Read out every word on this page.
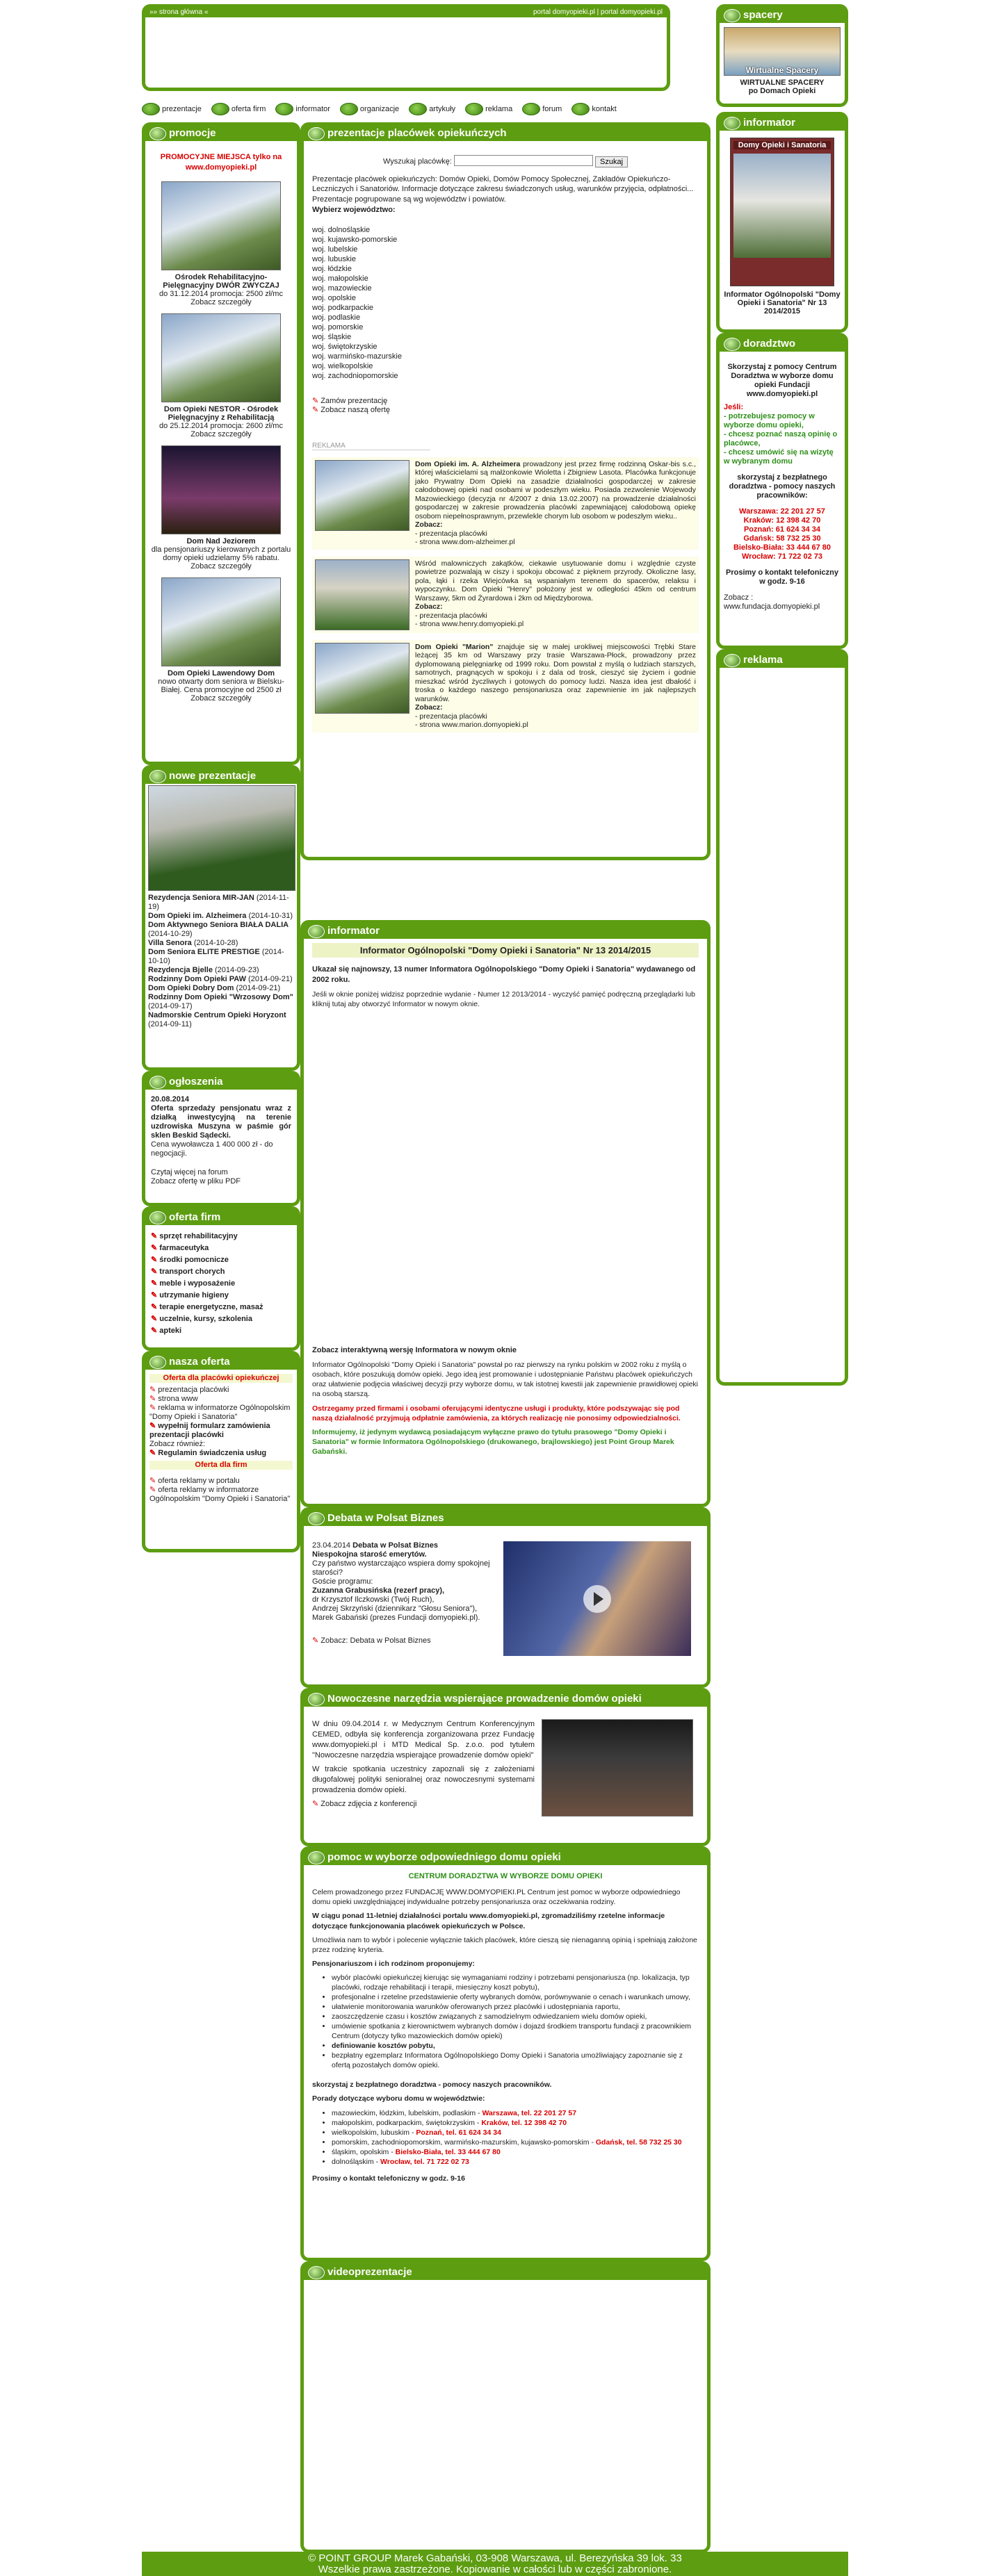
»» strona główna «	portal domyopieki.pl | portal domyopieki.pl
prezentacje	oferta firm	informator	organizacje	artykuły	reklama	forum	kontakt
promocje

PROMOCYJNE MIEJSCA tylko na www.domyopieki.pl

Ośrodek Rehabilitacyjno-Pielęgnacyjny DWÓR ZWYCZAJ
do 31.12.2014 promocja: 2500 zł/mc
Zobacz szczegóły
Dom Opieki NESTOR - Ośrodek Pielęgnacyjny z Rehabilitacją
do 25.12.2014 promocja: 2600 zł/mc
Zobacz szczegóły
Dom Nad Jeziorem
dla pensjonariuszy kierowanych z portalu domy opieki udzielamy 5% rabatu.
Zobacz szczegóły
Dom Opieki Lawendowy Dom
nowo otwarty dom seniora w Bielsku-Białej. Cena promocyjne od 2500 zł
Zobacz szczegóły
nowe prezentacje
Rezydencja Seniora MIR-JAN (2014-11-19)
Dom Opieki im. Alzheimera (2014-10-31)
Dom Aktywnego Seniora BIAŁA DALIA (2014-10-29)
Villa Senora (2014-10-28)
Dom Seniora ELITE PRESTIGE (2014-10-10)
Rezydencja Bjelle (2014-09-23)
Rodzinny Dom Opieki PAW (2014-09-21)
Dom Opieki Dobry Dom (2014-09-21)
Rodzinny Dom Opieki "Wrzosowy Dom" (2014-09-17)
Nadmorskie Centrum Opieki Horyzont (2014-09-11)
ogłoszenia
20.08.2014
Oferta sprzedaży pensjonatu wraz z działką inwestycyjną na terenie uzdrowiska Muszyna w paśmie gór sklen Beskid Sądecki.
Cena wywoławcza 1 400 000 zł - do negocjacji.
Czytaj więcej na forum
Zobacz ofertę w pliku PDF
oferta firm
✎ sprzęt rehabilitacyjny
✎ farmaceutyka
✎ środki pomocnicze
✎ transport chorych
✎ meble i wyposażenie
✎ utrzymanie higieny
✎ terapie energetyczne, masaż
✎ uczelnie, kursy, szkolenia
✎ apteki
nasza oferta
Oferta dla placówki opiekuńczej
✎ prezentacja placówki
✎ strona www
✎ reklama w informatorze Ogólnopolskim "Domy Opieki i Sanatoria"
✎ wypełnij formularz zamówienia prezentacji placówki
Zobacz również:
✎ Regulamin świadczenia usług
Oferta dla firm
✎ oferta reklamy w portalu
✎ oferta reklamy w informatorze Ogólnopolskim "Domy Opieki i Sanatoria"
prezentacje placówek opiekuńczych
Wyszukaj placówkę:	Szukaj

Prezentacje placówek opiekuńczych: Domów Opieki, Domów Pomocy Społecznej, Zakładów Opiekuńczo-Leczniczych i Sanatoriów. Informacje dotyczące zakresu świadczonych usług, warunków przyjęcia, odpłatności...

Prezentacje pogrupowane są wg województw i powiatów.

Wybierz województwo:

woj. dolnośląskie
woj. kujawsko-pomorskie
woj. lubelskie
woj. lubuskie
woj. łódzkie
woj. małopolskie
woj. mazowieckie
woj. opolskie
woj. podkarpackie
woj. podlaskie
woj. pomorskie
woj. śląskie
woj. świętokrzyskie
woj. warmińsko-mazurskie
woj. wielkopolskie
woj. zachodniopomorskie
✎ Zamów prezentację
✎ Zobacz naszą ofertę
REKLAMA
Dom Opieki im. A. Alzheimera prowadzony jest przez firmę rodzinną Oskar-bis s.c., której właścicielami są małżonkowie Wioletta i Zbigniew Lasota. Placówka funkcjonuje jako Prywatny Dom Opieki na zasadzie działalności gospodarczej w zakresie całodobowej opieki nad osobami w podeszłym wieku. Posiada zezwolenie Wojewody Mazowieckiego (decyzja nr 4/2007 z dnia 13.02.2007) na prowadzenie działalności gospodarczej w zakresie prowadzenia placówki zapewniającej całodobową opiekę osobom niepełnosprawnym, przewlekle chorym lub osobom w podeszłym wieku..
Zobacz:
- prezentacja placówki
- strona www.dom-alzheimer.pl
Wśród malowniczych zakątków, ciekawie usytuowanie domu i względnie czyste powietrze pozwalają w ciszy i spokoju obcować z pięknem przyrody. Okoliczne lasy, pola, łąki i rzeka Wiejcówka są wspaniałym terenem do spacerów, relaksu i wypoczynku. Dom Opieki "Henry" położony jest w odległości 45km od centrum Warszawy, 5km od Żyrardowa i 2km od Międzyborowa.
Zobacz:
- prezentacja placówki
- strona www.henry.domyopieki.pl
Dom Opieki "Marion" znajduje się w małej urokliwej miejscowości Trębki Stare leżącej 35 km od Warszawy przy trasie Warszawa-Płock, prowadzony przez dyplomowaną pielęgniarkę od 1999 roku. Dom powstał z myślą o ludziach starszych, samotnych, pragnących w spokoju i z dala od trosk, cieszyć się życiem i godnie mieszkać wśród życzliwych i gotowych do pomocy ludzi. Nasza idea jest dbałość i troska o każdego naszego pensjonariusza oraz zapewnienie im jak najlepszych warunków.
Zobacz:
- prezentacja placówki
- strona www.marion.domyopieki.pl
informator
Informator Ogólnopolski "Domy Opieki i Sanatoria" Nr 13 2014/2015

Ukazał się najnowszy, 13 numer Informatora Ogólnopolskiego "Domy Opieki i Sanatoria" wydawanego od 2002 roku.

Jeśli w oknie poniżej widzisz poprzednie wydanie - Numer 12 2013/2014 - wyczyść pamięć podręczną przeglądarki lub kliknij tutaj aby otworzyć Informator w nowym oknie.

Zobacz interaktywną wersję Informatora w nowym oknie

Informator Ogólnopolski "Domy Opieki i Sanatoria" powstał po raz pierwszy na rynku polskim w 2002 roku z myślą o osobach, które poszukują domów opieki. Jego ideą jest promowanie i udostępnianie Państwu placówek opiekuńczych oraz ułatwienie podjęcia właściwej decyzji przy wyborze domu, w tak istotnej kwestii jak zapewnienie prawidłowej opieki na osobą starszą.

Ostrzegamy przed firmami i osobami oferującymi identyczne usługi i produkty, które podszywając się pod naszą działalność przyjmują odpłatnie zamówienia, za których realizację nie ponosimy odpowiedzialności.

Informujemy, iż jedynym wydawcą posiadającym wyłączne prawo do tytułu prasowego "Domy Opieki i Sanatoria" w formie Informatora Ogólnopolskiego (drukowanego, brajlowskiego) jest Point Group Marek Gabański.

Debata w Polsat Biznes
23.04.2014 Debata w Polsat Biznes
Niespokojna starość emerytów.
Czy państwo wystarczająco wspiera domy spokojnej starości?
Goście programu:
Zuzanna Grabusińska (rezerf pracy),
dr Krzysztof Ilczkowski (Twój Ruch),
Andrzej Skrzyński (dziennikarz "Głosu Seniora"),
Marek Gabański (prezes Fundacji domyopieki.pl).
✎ Zobacz: Debata w Polsat Biznes
Nowoczesne narzędzia wspierające prowadzenie domów opieki

W dniu 09.04.2014 r. w Medycznym Centrum Konferencyjnym CEMED, odbyła się konferencja zorganizowana przez Fundację www.domyopieki.pl i MTD Medical Sp. z.o.o. pod tytułem "Nowoczesne narzędzia wspierające prowadzenie domów opieki"

W trakcie spotkania uczestnicy zapoznali się z założeniami długofalowej polityki senioralnej oraz nowoczesnymi systemami prowadzenia domów opieki.

✎ Zobacz zdjęcia z konferencji
pomoc w wyborze odpowiedniego domu opieki
CENTRUM DORADZTWA W WYBORZE DOMU OPIEKI

Celem prowadzonego przez FUNDACJĘ WWW.DOMYOPIEKI.PL Centrum jest pomoc w wyborze odpowiedniego domu opieki uwzględniającej indywidualne potrzeby pensjonariusza oraz oczekiwania rodziny.

W ciągu ponad 11-letniej działalności portalu www.domyopieki.pl, zgromadziliśmy rzetelne informacje dotyczące funkcjonowania placówek opiekuńczych w Polsce.

Umożliwia nam to wybór i polecenie wyłącznie takich placówek, które cieszą się nienaganną opinią i spełniają założone przez rodzinę kryteria.

Pensjonariuszom i ich rodzinom proponujemy:

• wybór placówki opiekuńczej kierując się wymaganiami rodziny i potrzebami pensjonariusza (np. lokalizacja, typ placówki, rodzaje rehabilitacji i terapii, miesięczny koszt pobytu),
• profesjonalne i rzetelne przedstawienie oferty wybranych domów, porównywanie o cenach i warunkach umowy,
• ułatwienie monitorowania warunków oferowanych przez placówki i udostępniania raportu,
• zaoszczędzenie czasu i kosztów związanych z samodzielnym odwiedzaniem wielu domów opieki,
• umówienie spotkania z kierownictwem wybranych domów i dojazd środkiem transportu fundacji z pracownikiem Centrum (dotyczy tylko mazowieckich domów opieki)
• definiowanie kosztów pobytu,
• bezpłatny egzemplarz Informatora Ogólnopolskiego Domy Opieki i Sanatoria umożliwiający zapoznanie się z ofertą pozostałych domów opieki.

skorzystaj z bezpłatnego doradztwa - pomocy naszych pracowników.

Porady dotyczące wyboru domu w województwie:

• mazowieckim, łódzkim, lubelskim, podlaskim - Warszawa, tel. 22 201 27 57
• małopolskim, podkarpackim, świętokrzyskim - Kraków, tel. 12 398 42 70
• wielkopolskim, lubuskim - Poznań, tel. 61 624 34 34
• pomorskim, zachodniopomorskim, warmińsko-mazurskim, kujawsko-pomorskim - Gdańsk, tel. 58 732 25 30
• śląskim, opolskim - Bielsko-Biała, tel. 33 444 67 80
• dolnośląskim - Wrocław, tel. 71 722 02 73

Prosimy o kontakt telefoniczny w godz. 9-16

videoprezentacje
spacery
Wirtualne Spacery
WIRTUALNE SPACERY
po Domach Opieki
informator
Domy Opieki i Sanatoria
Informator Ogólnopolski "Domy Opieki i Sanatoria" Nr 13 2014/2015
doradztwo
Skorzystaj z pomocy Centrum Doradztwa w wyborze domu opieki Fundacji www.domyopieki.pl
Jeśli:
- potrzebujesz pomocy w wyborze domu opieki,
- chcesz poznać naszą opinię o placówce,
- chcesz umówić się na wizytę w wybranym domu
skorzystaj z bezpłatnego doradztwa - pomocy naszych pracowników:
Warszawa: 22 201 27 57
Kraków: 12 398 42 70
Poznań: 61 624 34 34
Gdańsk: 58 732 25 30
Bielsko-Biała: 33 444 67 80
Wrocław: 71 722 02 73
Prosimy o kontakt telefoniczny w godz. 9-16
Zobacz :
www.fundacja.domyopieki.pl
reklama
© POINT GROUP Marek Gabański, 03-908 Warszawa, ul. Berezyńska 39 lok. 33
Wszelkie prawa zastrzeżone. Kopiowanie w całości lub w części zabronione.
